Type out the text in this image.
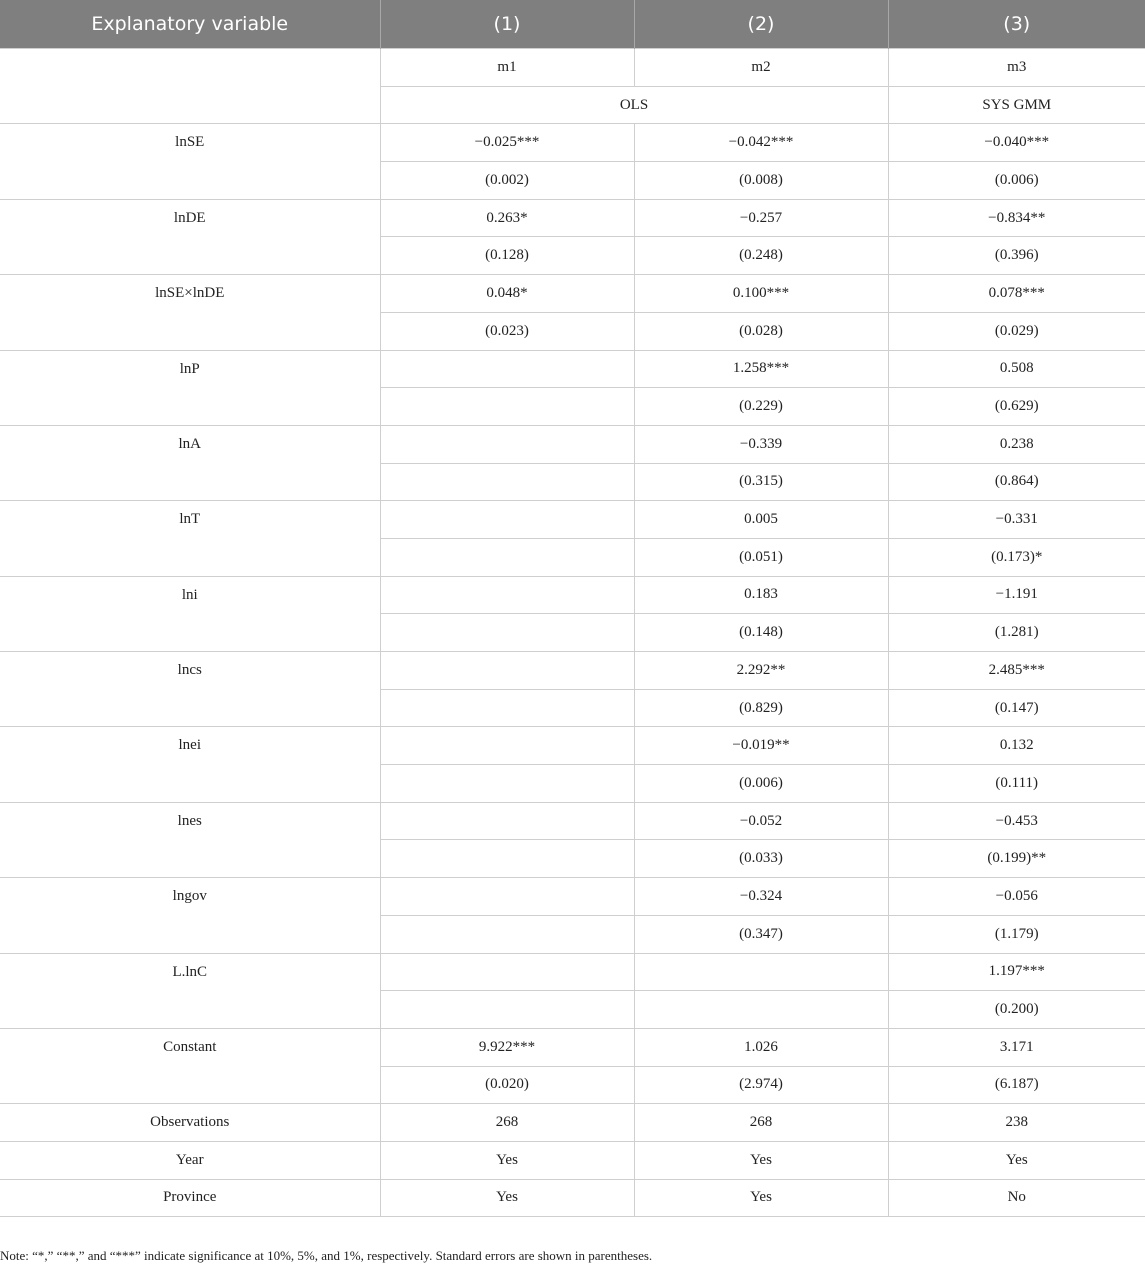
Explanatory variable	(1)	(2)	(3)
	m1	m2	m3
	OLS		SYS GMM
lnSE	−0.025***	−0.042***	−0.040***
	(0.002)	(0.008)	(0.006)
lnDE	0.263*	−0.257	−0.834**
	(0.128)	(0.248)	(0.396)
lnSE×lnDE	0.048*	0.100***	0.078***
	(0.023)	(0.028)	(0.029)
lnP		1.258***	0.508
		(0.229)	(0.629)
lnA		−0.339	0.238
		(0.315)	(0.864)
lnT		0.005	−0.331
		(0.051)	(0.173)*
lni		0.183	−1.191
		(0.148)	(1.281)
lncs		2.292**	2.485***
		(0.829)	(0.147)
lnei		−0.019**	0.132
		(0.006)	(0.111)
lnes		−0.052	−0.453
		(0.033)	(0.199)**
lngov		−0.324	−0.056
		(0.347)	(1.179)
L.lnC			1.197***
			(0.200)
Constant	9.922***	1.026	3.171
	(0.020)	(2.974)	(6.187)
Observations	268	268	238
Year	Yes	Yes	Yes
Province	Yes	Yes	No
Note: “*,” “**,” and “***” indicate significance at 10%, 5%, and 1%, respectively. Standard errors are shown in parentheses.
